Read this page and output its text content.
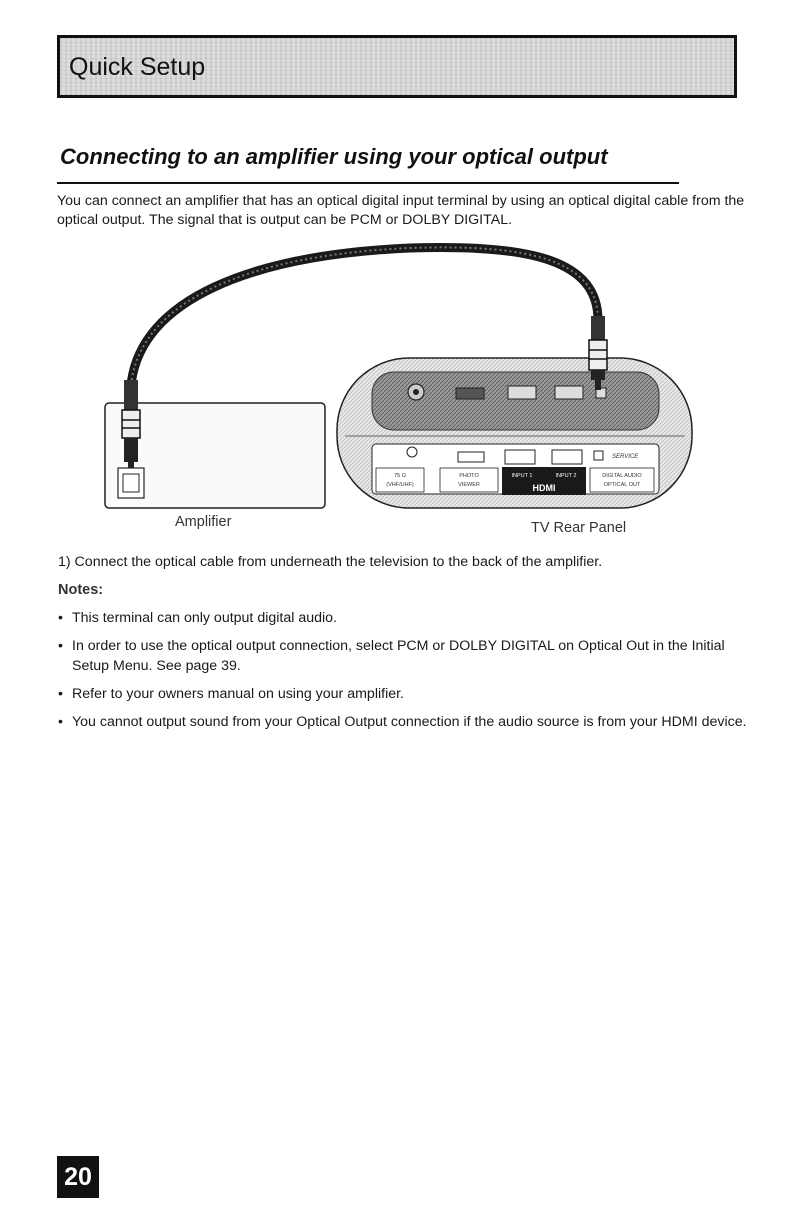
Quick Setup
Connecting to an amplifier using your optical output
You can connect an amplifier that has an optical digital input terminal by using an optical digital cable from the optical output. The signal that is output can be PCM or DOLBY DIGITAL.
SERVICE
75 Ω
(VHF/UHF)
PHOTO
VIEWER
INPUT 1	INPUT 2
HDMI
DIGITAL AUDIO
OPTICAL OUT
Amplifier	TV Rear Panel
1) Connect the optical cable from underneath the television to the back of the amplifier.
Notes:
• This terminal can only output digital audio.
• In order to use the optical output connection, select PCM or DOLBY DIGITAL on Optical Out in the Initial Setup Menu. See page 39.
• Refer to your owners manual on using your amplifier.
• You cannot output sound from your Optical Output connection if the audio source is from your HDMI device.
20
